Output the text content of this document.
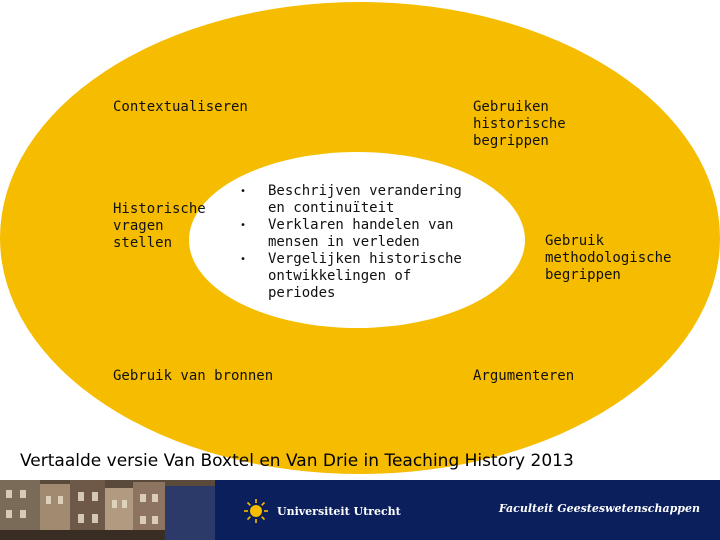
Contextualiseren	Gebruiken
historische
begrippen
Historische
vragen
stellen	Gebruik
methodologische
begrippen
Gebruik van bronnen	Argumenteren
• Beschrijven verandering
en continuïteit
• Verklaren handelen van
mensen in verleden
• Vergelijken historische
ontwikkelingen of
periodes
Vertaalde versie Van Boxtel en Van Drie in Teaching History 2013
Universiteit Utrecht	Faculteit Geesteswetenschappen
